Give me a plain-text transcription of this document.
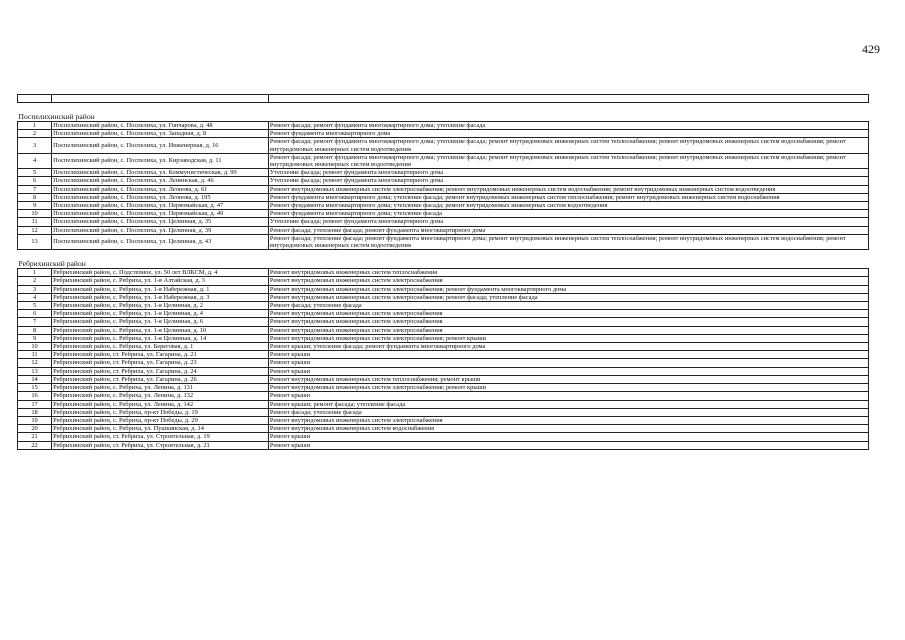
429

Поспелихинский район		
1	Поспелихинский район, с. Поспелиха, ул. Гончарова, д. 48	Ремонт фасада; ремонт фундамента многоквартирного дома; утепление фасада
2	Поспелихинский район, с. Поспелиха, ул. Западная, д. 8	Ремонт фундамента многоквартирного дома
3	Поспелихинский район, с. Поспелиха, ул. Инженерная, д. 16	Ремонт фасада; ремонт фундамента многоквартирного дома; утепление фасада; ремонт внутридомовых инженерных систем теплоснабжения; ремонт внутридомовых инженерных систем водоснабжения; ремонт внутридомовых инженерных систем водоотведения
4	Поспелихинский район, с. Поспелиха, ул. Кирзаводская, д. 11	Ремонт фасада; ремонт фундамента многоквартирного дома; утепление фасада; ремонт внутридомовых инженерных систем теплоснабжения; ремонт внутридомовых инженерных систем водоснабжения; ремонт внутридомовых инженерных систем водоотведения
5	Поспелихинский район, с. Поспелиха, ул. Коммунистическая, д. 99	Утепление фасада; ремонт фундамента многоквартирного дома
6	Поспелихинский район, с. Поспелиха, ул. Ленинская, д. 46	Утепление фасада; ремонт фундамента многоквартирного дома
7	Поспелихинский район, с. Поспелиха, ул. Леонова, д. 61	Ремонт внутридомовых инженерных систем электроснабжения; ремонт внутридомовых инженерных систем водоснабжения; ремонт внутридомовых инженерных систем водоотведения
8	Поспелихинский район, с. Поспелиха, ул. Леонова, д. 195	Ремонт фундамента многоквартирного дома; утепление фасада; ремонт внутридомовых инженерных систем теплоснабжения; ремонт внутридомовых инженерных систем водоснабжения
9	Поспелихинский район, с. Поспелиха, ул. Первомайская, д. 47	Ремонт фундамента многоквартирного дома; утепление фасада; ремонт внутридомовых инженерных систем водоотведения
10	Поспелихинский район, с. Поспелиха, ул. Первомайская, д. 49	Ремонт фундамента многоквартирного дома; утепление фасада
11	Поспелихинский район, с. Поспелиха, ул. Целинная, д. 35	Утепление фасада; ремонт фундамента многоквартирного дома
12	Поспелихинский район, с. Поспелиха, ул. Целинная, д. 39	Ремонт фасада; утепление фасада; ремонт фундамента многоквартирного дома
13	Поспелихинский район, с. Поспелиха, ул. Целинная, д. 43	Ремонт фасада; утепление фасада; ремонт фундамента многоквартирного дома; ремонт внутридомовых инженерных систем теплоснабжения; ремонт внутридомовых инженерных систем водоснабжения; ремонт внутридомовых инженерных систем водоотведения
Ребрихинский район		
1	Ребрихинский район, с. Подстепное, ул. 50 лет ВЛКСМ, д. 4	Ремонт внутридомовых инженерных систем теплоснабжения
2	Ребрихинский район, с. Ребриха, ул. 1-я Алтайская, д. 3	Ремонт внутридомовых инженерных систем электроснабжения
3	Ребрихинский район, с. Ребриха, ул. 1-я Набережная, д. 1	Ремонт внутридомовых инженерных систем электроснабжения; ремонт фундамента многоквартирного дома
4	Ребрихинский район, с. Ребриха, ул. 1-я Набережная, д. 3	Ремонт внутридомовых инженерных систем электроснабжения; ремонт фасада; утепление фасада
5	Ребрихинский район, с. Ребриха, ул. 1-я Целинная, д. 2	Ремонт фасада; утепление фасада
6	Ребрихинский район, с. Ребриха, ул. 1-я Целинная, д. 4	Ремонт внутридомовых инженерных систем электроснабжения
7	Ребрихинский район, с. Ребриха, ул. 1-я Целинная, д. 6	Ремонт внутридомовых инженерных систем электроснабжения
8	Ребрихинский район, с. Ребриха, ул. 1-я Целинная, д. 10	Ремонт внутридомовых инженерных систем электроснабжения
9	Ребрихинский район, с. Ребриха, ул. 1-я Целинная, д. 14	Ремонт внутридомовых инженерных систем электроснабжения; ремонт крыши
10	Ребрихинский район, с. Ребриха, ул. Береговая, д. 1	Ремонт крыши; утепление фасада; ремонт фундамента многоквартирного дома
11	Ребрихинский район, ст. Ребриха, ул. Гагарина, д. 21	Ремонт крыши
12	Ребрихинский район, ст. Ребриха, ул. Гагарина, д. 23	Ремонт крыши
13	Ребрихинский район, ст. Ребриха, ул. Гагарина, д. 24	Ремонт крыши
14	Ребрихинский район, ст. Ребриха, ул. Гагарина, д. 26	Ремонт внутридомовых инженерных систем теплоснабжения; ремонт крыши
15	Ребрихинский район, с. Ребриха, ул. Ленина, д. 131	Ремонт внутридомовых инженерных систем электроснабжения; ремонт крыши
16	Ребрихинский район, с. Ребриха, ул. Ленина, д. 132	Ремонт крыши
17	Ребрихинский район, с. Ребриха, ул. Ленина, д. 142	Ремонт крыши; ремонт фасада; утепление фасада
18	Ребрихинский район, с. Ребриха, пр-кт Победы, д. 19	Ремонт фасада; утепление фасада
19	Ребрихинский район, с. Ребриха, пр-кт Победы, д. 29	Ремонт внутридомовых инженерных систем электроснабжения
20	Ребрихинский район, с. Ребриха, ул. Пушкинская, д. 14	Ремонт внутридомовых инженерных систем водоснабжения
21	Ребрихинский район, ст. Ребриха, ул. Строительная, д. 19	Ремонт крыши
22	Ребрихинский район, ст. Ребриха, ул. Строительная, д. 21	Ремонт крыши
